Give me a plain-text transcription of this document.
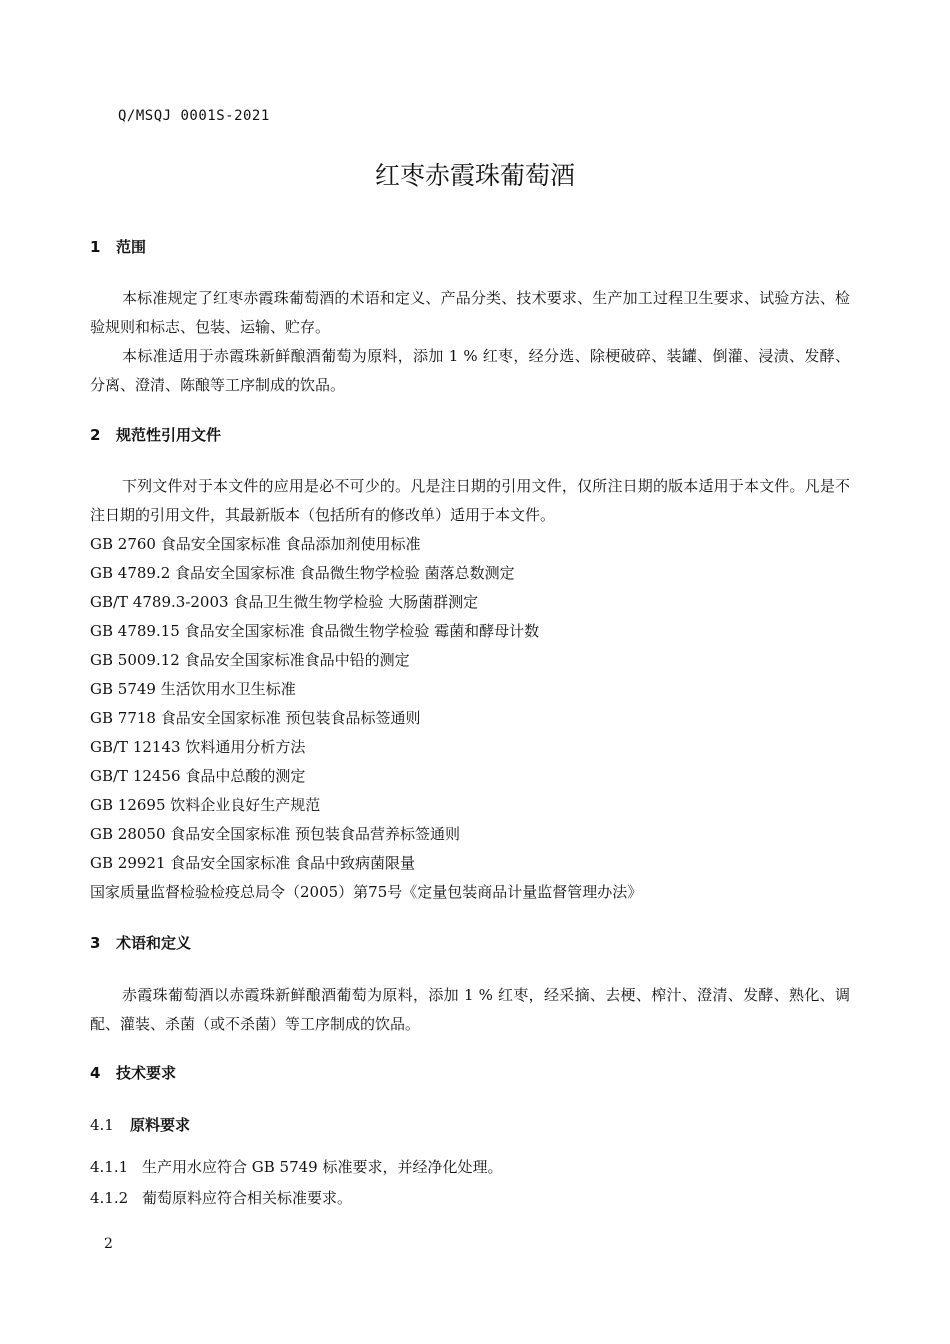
Q/MSQJ 0001S-2021
红枣赤霞珠葡萄酒
1 范围
本标准规定了红枣赤霞珠葡萄酒的术语和定义、产品分类、技术要求、生产加工过程卫生要求、试验方法、检验规则和标志、包装、运输、贮存。
本标准适用于赤霞珠新鲜酿酒葡萄为原料，添加 1 % 红枣，经分选、除梗破碎、装罐、倒灌、浸渍、发酵、分离、澄清、陈酿等工序制成的饮品。
2 规范性引用文件
下列文件对于本文件的应用是必不可少的。凡是注日期的引用文件，仅所注日期的版本适用于本文件。凡是不注日期的引用文件，其最新版本（包括所有的修改单）适用于本文件。
GB 2760 食品安全国家标准 食品添加剂使用标准
GB 4789.2 食品安全国家标准 食品微生物学检验 菌落总数测定
GB/T 4789.3-2003 食品卫生微生物学检验 大肠菌群测定
GB 4789.15 食品安全国家标准 食品微生物学检验 霉菌和酵母计数
GB 5009.12 食品安全国家标准食品中铅的测定
GB 5749 生活饮用水卫生标准
GB 7718 食品安全国家标准 预包装食品标签通则
GB/T 12143 饮料通用分析方法
GB/T 12456 食品中总酸的测定
GB 12695 饮料企业良好生产规范
GB 28050 食品安全国家标准 预包装食品营养标签通则
GB 29921 食品安全国家标准 食品中致病菌限量
国家质量监督检验检疫总局令（2005）第75号《定量包装商品计量监督管理办法》
3 术语和定义
赤霞珠葡萄酒以赤霞珠新鲜酿酒葡萄为原料，添加 1 % 红枣，经采摘、去梗、榨汁、澄清、发酵、熟化、调配、灌装、杀菌（或不杀菌）等工序制成的饮品。
4 技术要求
4.1 原料要求
4.1.1 生产用水应符合 GB 5749 标准要求，并经净化处理。
4.1.2 葡萄原料应符合相关标准要求。
2
